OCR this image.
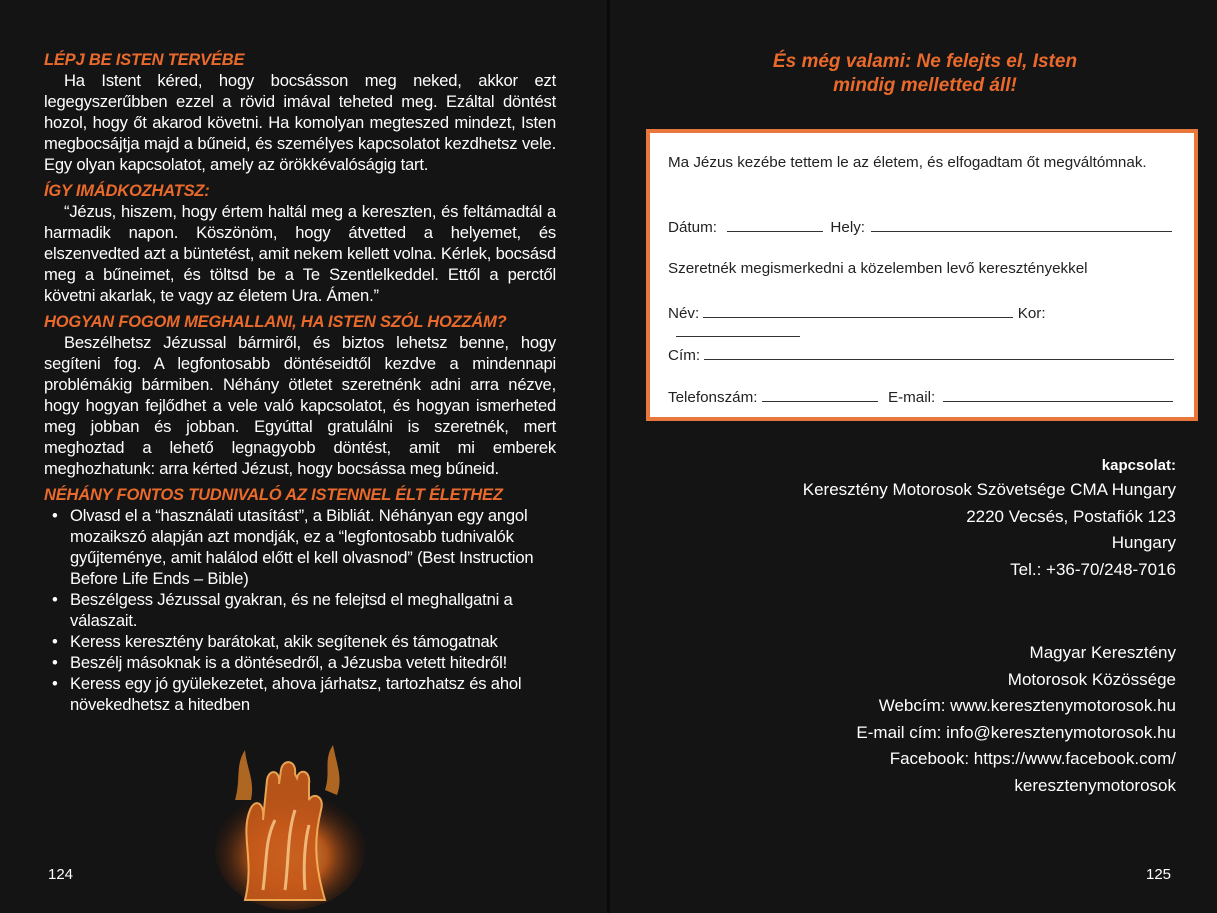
LÉPJ BE ISTEN TERVÉBE

Ha Istent kéred, hogy bocsásson meg neked, akkor ezt legegyszerűbben ezzel a rövid imával teheted meg. Ezáltal döntést hozol, hogy őt akarod követni. Ha komolyan megteszed mindezt, Isten megbocsájtja majd a bűneid, és személyes kapcsolatot kezdhetsz vele. Egy olyan kapcsolatot, amely az örökkévalóságig tart.

ÍGY IMÁDKOZHATSZ:

“Jézus, hiszem, hogy értem haltál meg a kereszten, és feltámadtál a harmadik napon. Köszönöm, hogy átvetted a helyemet, és elszenvedted azt a büntetést, amit nekem kellett volna. Kérlek, bocsásd meg a bűneimet, és töltsd be a Te Szentlelkeddel. Ettől a perctől követni akarlak, te vagy az életem Ura. Ámen.”

HOGYAN FOGOM MEGHALLANI, HA ISTEN SZÓL HOZZÁM?

Beszélhetsz Jézussal bármiről, és biztos lehetsz benne, hogy segíteni fog. A legfontosabb döntéseidtől kezdve a mindennapi problémákig bármiben. Néhány ötletet szeretnénk adni arra nézve, hogy hogyan fejlődhet a vele való kapcsolatot, és hogyan ismerheted meg jobban és jobban. Egyúttal gratulálni is szeretnék, mert meghoztad a lehető legnagyobb döntést, amit mi emberek meghozhatunk: arra kérted Jézust, hogy bocsássa meg bűneid.

NÉHÁNY FONTOS TUDNIVALÓ AZ ISTENNEL ÉLT ÉLETHEZ
• Olvasd el a “használati utasítást”, a Bibliát. Néhányan egy angol mozaikszó alapján azt mondják, ez a “legfontosabb tudnivalók gyűjteménye, amit halálod előtt el kell olvasnod” (Best Instruction Before Life Ends – Bible)
• Beszélgess Jézussal gyakran, és ne felejtsd el meghallgatni a válaszait.
• Keress keresztény barátokat, akik segítenek és támogatnak
• Beszélj másoknak is a döntésedről, a Jézusba vetett hitedről!
• Keress egy jó gyülekezetet, ahova járhatsz, tartozhatsz és ahol növekedhetsz a hitedben
124
És még valami: Ne felejts el, Isten
mindig melletted áll!
Ma Jézus kezébe tettem le az életem, és elfogadtam őt megváltómnak.
Dátum:	Hely:
Szeretnék megismerkedni a közelemben levő keresztényekkel
Név:	Kor:
Cím:
Telefonszám:	E-mail:
kapcsolat:
Keresztény Motorosok Szövetsége CMA Hungary
2220 Vecsés, Postafiók 123
Hungary
Tel.: +36-70/248-7016
Magyar Keresztény
Motorosok Közössége
Webcím: www.keresztenymotorosok.hu
E-mail cím: info@keresztenymotorosok.hu
Facebook: https://www.facebook.com/
keresztenymotorosok
125
